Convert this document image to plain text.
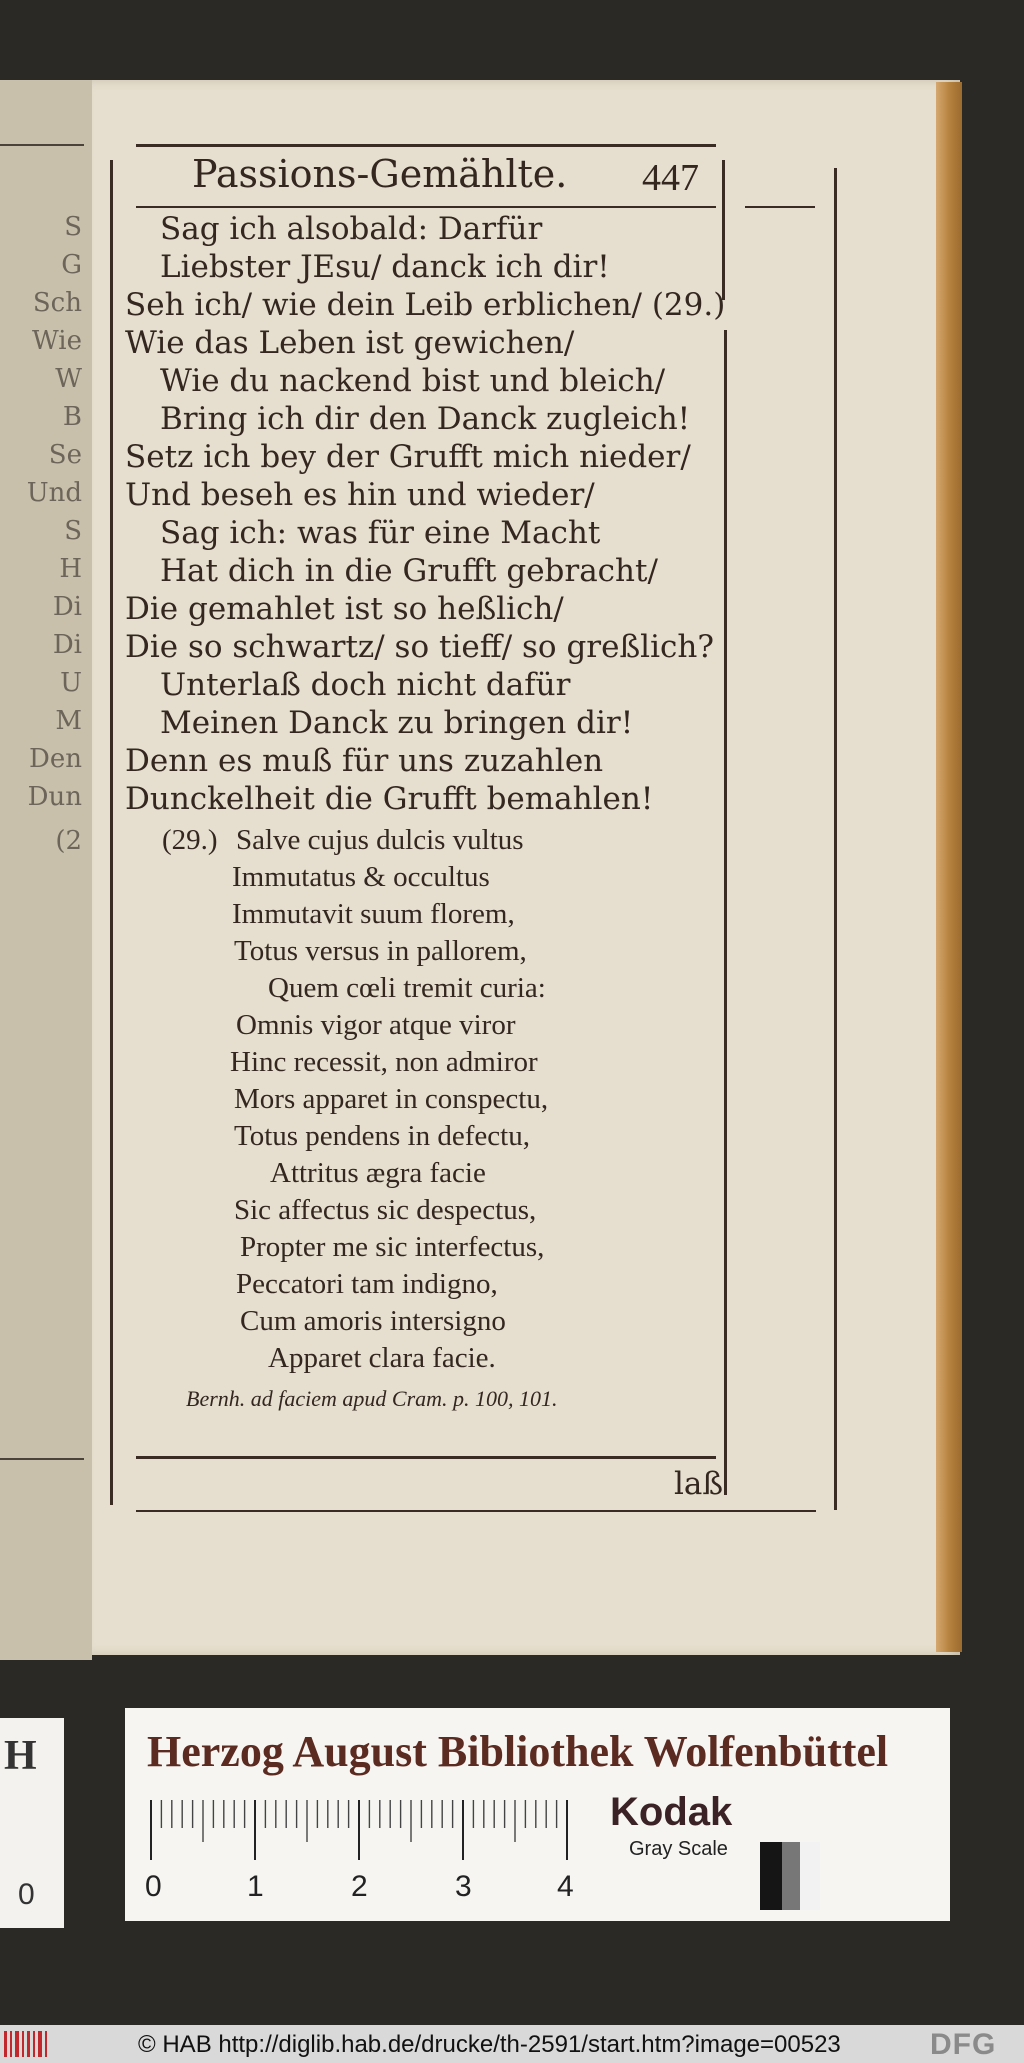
Passions-Gemählte. 447
Sag ich alsobald: Darfür
Liebster JEsu/ danck ich dir!
Seh ich/ wie dein Leib erblichen/ (29.)
Wie das Leben ist gewichen/
Wie du nackend bist und bleich/
Bring ich dir den Danck zugleich!
Setz ich bey der Grufft mich nieder/
Und beseh es hin und wieder/
Sag ich: was für eine Macht
Hat dich in die Grufft gebracht/
Die gemahlet ist so heßlich/
Die so schwartz/ so tieff/ so greßlich?
Unterlaß doch nicht dafür
Meinen Danck zu bringen dir!
Denn es muß für uns zuzahlen
Dunckelheit die Grufft bemahlen!
(29.) Salve cujus dulcis vultus
Immutatus & occultus
Immutavit suum florem,
Totus versus in pallorem,
Quem cœli tremit curia:
Omnis vigor atque viror
Hinc recessit, non admiror
Mors apparet in conspectu,
Totus pendens in defectu,
Attritus ægra facie
Sic affectus sic despectus,
Propter me sic interfectus,
Peccatori tam indigno,
Cum amoris intersigno
Apparet clara facie.
Bernh. ad faciem apud Cram. p. 100, 101.
laß
S
G
Sch
Wie
W
B
Se
Und
S
H
Di
Di
U
M
Den
Dun
(2
H
0
Herzog August Bibliothek Wolfenbüttel
0	1	2	3	4
Kodak
Gray Scale
© HAB http://diglib.hab.de/drucke/th-2591/start.htm?image=00523	DFG
